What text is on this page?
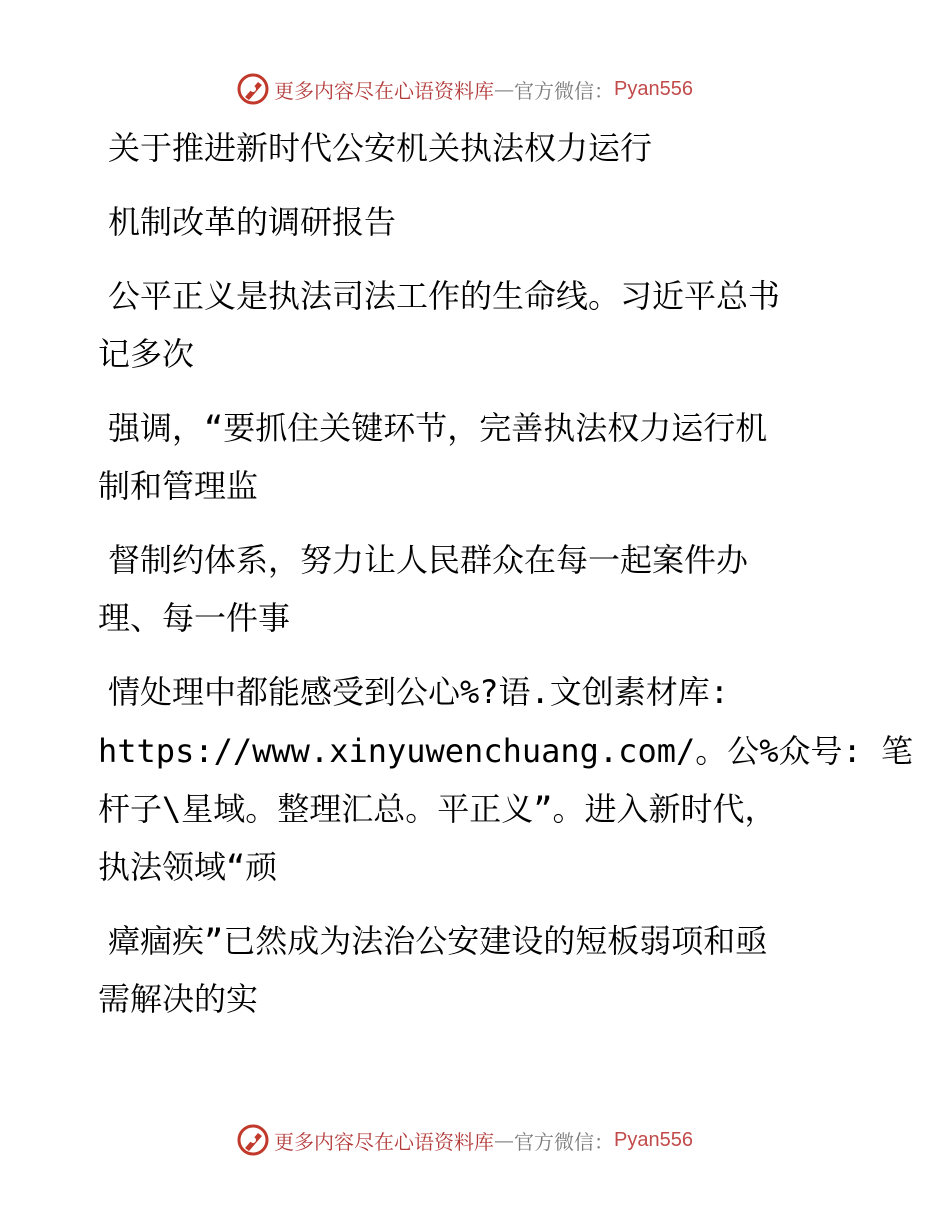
更多内容尽在心语资料库 — 官方微信： Pyan556
关于推进新时代公安机关执法权力运行
机制改革的调研报告
公平正义是执法司法工作的生命线。习近平总书
记多次
强调，“要抓住关键环节，完善执法权力运行机
制和管理监
督制约体系，努力让人民群众在每一起案件办
理、每一件事
情处理中都能感受到公心%?语.文创素材库:
https://www.xinyuwenchuang.com/。公%众号: 笔
杆子\星域。整理汇总。平正义”。进入新时代，
执法领域“顽
瘴痼疾”已然成为法治公安建设的短板弱项和亟
需解决的实
更多内容尽在心语资料库 — 官方微信： Pyan556
